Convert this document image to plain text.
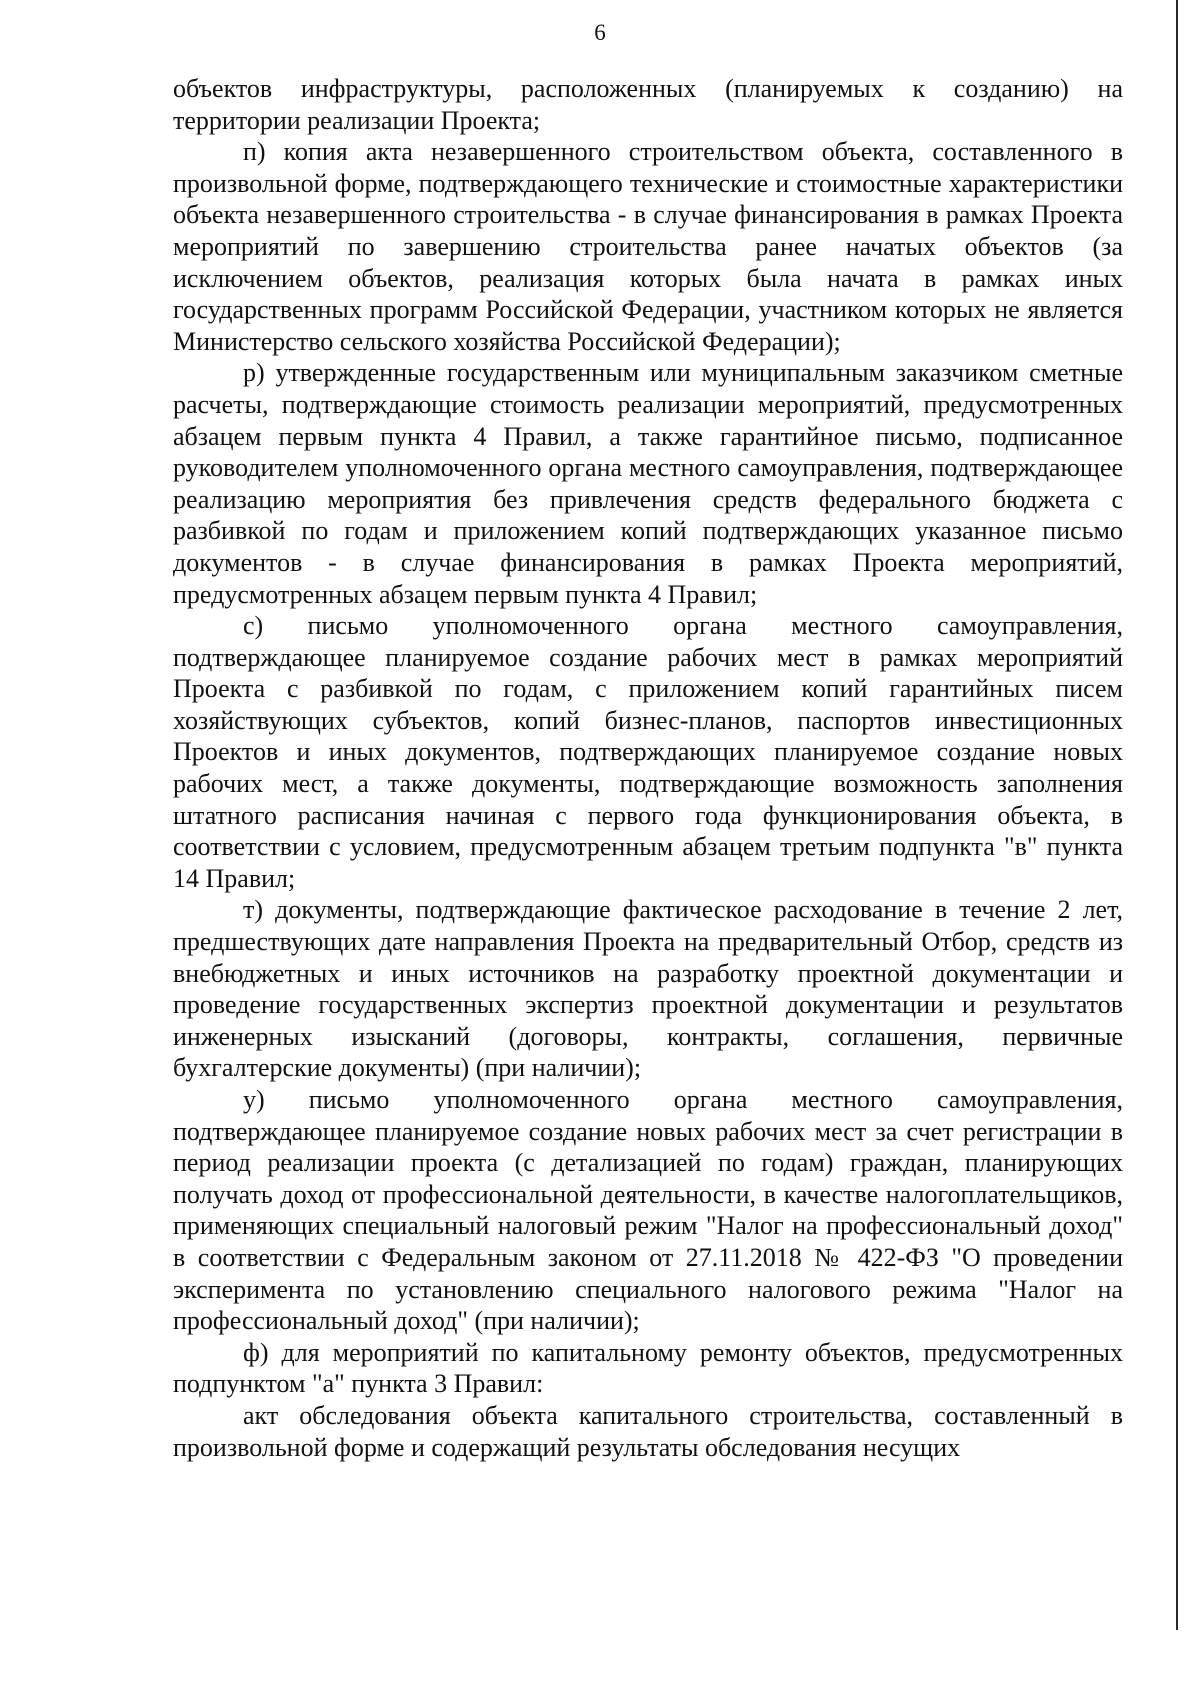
6

объектов инфраструктуры, расположенных (планируемых к созданию) на территории реализации Проекта;

п) копия акта незавершенного строительством объекта, составленного в произвольной форме, подтверждающего технические и стоимостные характеристики объекта незавершенного строительства - в случае финансирования в рамках Проекта мероприятий по завершению строительства ранее начатых объектов (за исключением объектов, реализация которых была начата в рамках иных государственных программ Российской Федерации, участником которых не является Министерство сельского хозяйства Российской Федерации);

р) утвержденные государственным или муниципальным заказчиком сметные расчеты, подтверждающие стоимость реализации мероприятий, предусмотренных абзацем первым пункта 4 Правил, а также гарантийное письмо, подписанное руководителем уполномоченного органа местного самоуправления, подтверждающее реализацию мероприятия без привлечения средств федерального бюджета с разбивкой по годам и приложением копий подтверждающих указанное письмо документов - в случае финансирования в рамках Проекта мероприятий, предусмотренных абзацем первым пункта 4 Правил;

с) письмо уполномоченного органа местного самоуправления, подтверждающее планируемое создание рабочих мест в рамках мероприятий Проекта с разбивкой по годам, с приложением копий гарантийных писем хозяйствующих субъектов, копий бизнес-планов, паспортов инвестиционных Проектов и иных документов, подтверждающих планируемое создание новых рабочих мест, а также документы, подтверждающие возможность заполнения штатного расписания начиная с первого года функционирования объекта, в соответствии с условием, предусмотренным абзацем третьим подпункта "в" пункта 14 Правил;

т) документы, подтверждающие фактическое расходование в течение 2 лет, предшествующих дате направления Проекта на предварительный Отбор, средств из внебюджетных и иных источников на разработку проектной документации и проведение государственных экспертиз проектной документации и результатов инженерных изысканий (договоры, контракты, соглашения, первичные бухгалтерские документы) (при наличии);

у) письмо уполномоченного органа местного самоуправления, подтверждающее планируемое создание новых рабочих мест за счет регистрации в период реализации проекта (с детализацией по годам) граждан, планирующих получать доход от профессиональной деятельности, в качестве налогоплательщиков, применяющих специальный налоговый режим "Налог на профессиональный доход" в соответствии с Федеральным законом от 27.11.2018 № 422-ФЗ "О проведении эксперимента по установлению специального налогового режима "Налог на профессиональный доход" (при наличии);

ф) для мероприятий по капитальному ремонту объектов, предусмотренных подпунктом "а" пункта 3 Правил:

акт обследования объекта капитального строительства, составленный в произвольной форме и содержащий результаты обследования несущих
